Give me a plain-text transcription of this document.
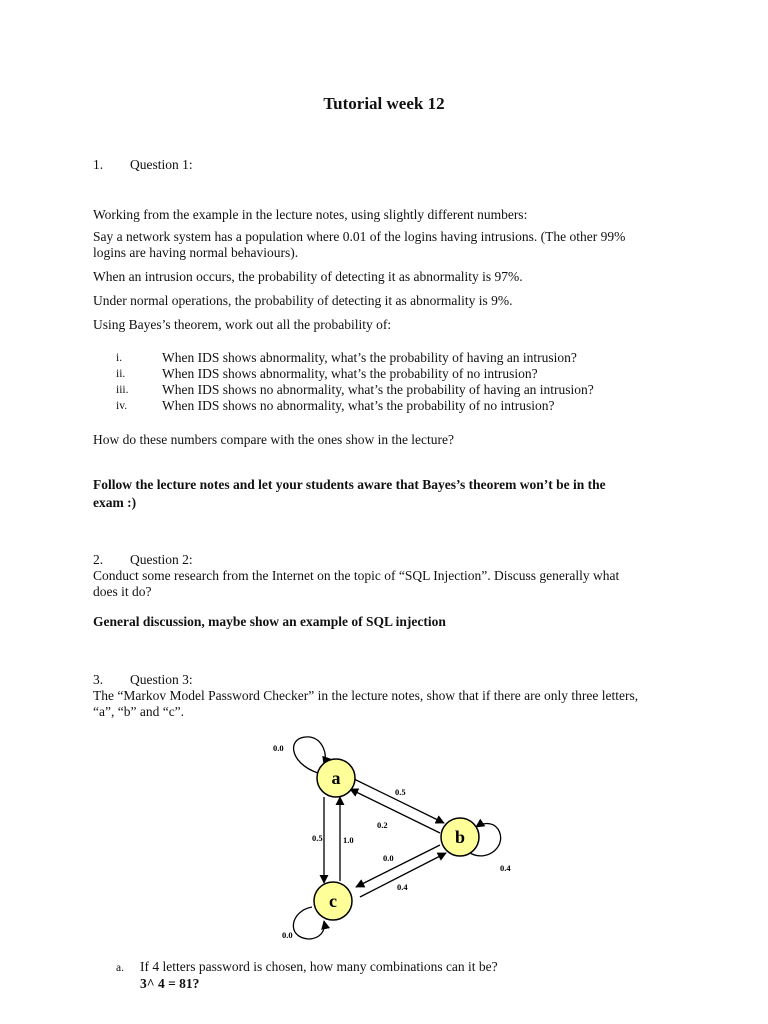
Tutorial week 12
1. Question 1:
Working from the example in the lecture notes, using slightly different numbers:
Say a network system has a population where 0.01 of the logins having intrusions. (The other 99%
logins are having normal behaviours).
When an intrusion occurs, the probability of detecting it as abnormality is 97%.
Under normal operations, the probability of detecting it as abnormality is 9%.
Using Bayes’s theorem, work out all the probability of:
i.	When IDS shows abnormality, what’s the probability of having an intrusion?
ii.	When IDS shows abnormality, what’s the probability of no intrusion?
iii. When IDS shows no abnormality, what’s the probability of having an intrusion?
iv.	When IDS shows no abnormality, what’s the probability of no intrusion?
How do these numbers compare with the ones show in the lecture?
Follow the lecture notes and let your students aware that Bayes’s theorem won’t be in the
exam :)
2. Question 2:
Conduct some research from the Internet on the topic of “SQL Injection”. Discuss generally what
does it do?
General discussion, maybe show an example of SQL injection
3. Question 3:
The “Markov Model Password Checker” in the lecture notes, show that if there are only three letters,
“a”, “b” and “c”.
a
b
c
0.0
0.5
0.2
0.5 1.0
0.0
0.4
0.4
0.0
a. If 4 letters password is chosen, how many combinations can it be?
3^ 4 = 81?
